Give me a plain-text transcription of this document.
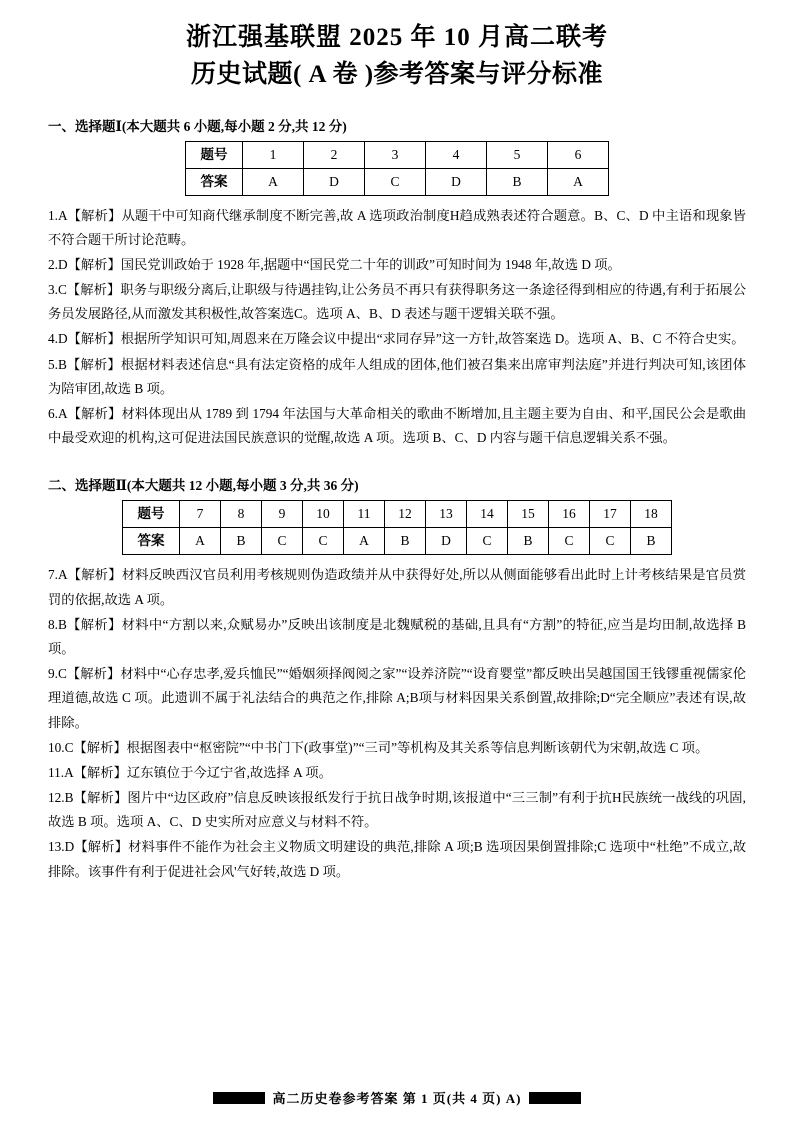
浙江强基联盟 2025 年 10 月高二联考
历史试题( A 卷 )参考答案与评分标准
一、选择题Ⅰ(本大题共 6 小题,每小题 2 分,共 12 分)
题号	1	2	3	4	5	6
答案	A	D	C	D	B	A
1.A【解析】从题干中可知商代继承制度不断完善,故 A 选项政治制度H趋成熟表述符合题意。B、C、D 中主语和现象皆不符合题干所讨论范畴。
2.D【解析】国民党训政始于 1928 年,据题中“国民党二十年的训政”可知时间为 1948 年,故选 D 项。
3.C【解析】职务与职级分离后,让职级与待遇挂钩,让公务员不再只有获得职务这一条途径得到相应的待遇,有利于拓展公务员发展路径,从而激发其积极性,故答案选C。选项 A、B、D 表述与题干逻辑关联不强。
4.D【解析】根据所学知识可知,周恩来在万隆会议中提出“求同存异”这一方针,故答案选 D。选项 A、B、C 不符合史实。
5.B【解析】根据材料表述信息“具有法定资格的成年人组成的团体,他们被召集来出席审判法庭”并进行判决可知,该团体为陪审团,故选 B 项。
6.A【解析】材料体现出从 1789 到 1794 年法国与大革命相关的歌曲不断增加,且主题主要为自由、和平,国民公会是歌曲中最受欢迎的机构,这可促进法国民族意识的觉醒,故选 A 项。选项 B、C、D 内容与题干信息逻辑关系不强。
二、选择题Ⅱ(本大题共 12 小题,每小题 3 分,共 36 分)
题号	7	8	9	10	11	12	13	14	15	16	17	18
答案	A	B	C	C	A	B	D	C	B	C	C	B
7.A【解析】材料反映西汉官员利用考核规则伪造政绩并从中获得好处,所以从侧面能够看出此时上计考核结果是官员赏罚的依据,故选 A 项。
8.B【解析】材料中“方割以来,众赋易办”反映出该制度是北魏赋税的基础,且具有“方割”的特征,应当是均田制,故选择 B 项。
9.C【解析】材料中“心存忠孝,爱兵恤民”“婚姻须择阀阅之家”“设养济院”“设育婴堂”都反映出吴越国国王钱镠重视儒家伦理道德,故选 C 项。此遗训不属于礼法结合的典范之作,排除 A;B项与材料因果关系倒置,故排除;D“完全顺应”表述有误,故排除。
10.C【解析】根据图表中“枢密院”“中书门下(政事堂)”“三司”等机构及其关系等信息判断该朝代为宋朝,故选 C 项。
11.A【解析】辽东镇位于今辽宁省,故选择 A 项。
12.B【解析】图片中“边区政府”信息反映该报纸发行于抗日战争时期,该报道中“三三制”有利于抗H民族统一战线的巩固,故选 B 项。选项 A、C、D 史实所对应意义与材料不符。
13.D【解析】材料事件不能作为社会主义物质文明建设的典范,排除 A 项;B 选项因果倒置排除;C 选项中“杜绝”不成立,故排除。该事件有利于促进社会风'气好转,故选 D 项。
高二历史卷参考答案 第 1 页(共 4 页) A)
